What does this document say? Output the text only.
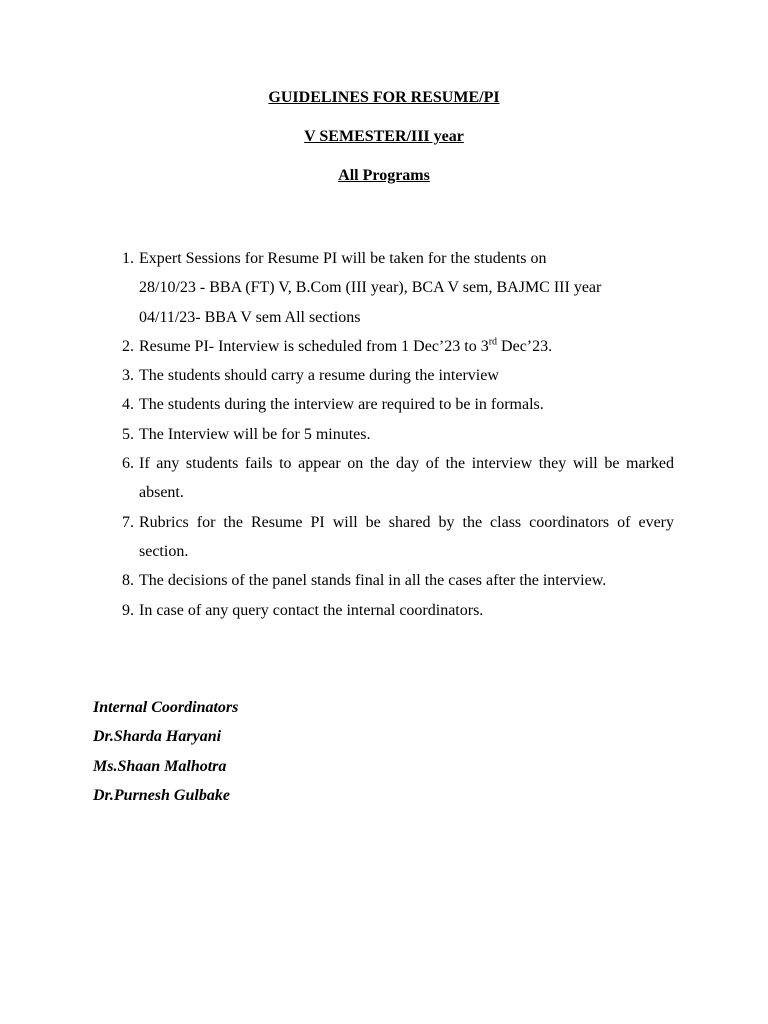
GUIDELINES FOR RESUME/PI
V SEMESTER/III year
All Programs
1. Expert Sessions for Resume PI will be taken for the students on
28/10/23 - BBA (FT) V, B.Com (III year), BCA V sem, BAJMC III year
04/11/23- BBA V sem All sections
2. Resume PI- Interview is scheduled from 1 Dec’23 to 3rd Dec’23.
3. The students should carry a resume during the interview
4. The students during the interview are required to be in formals.
5. The Interview will be for 5 minutes.
6. If any students fails to appear on the day of the interview they will be marked absent.
7. Rubrics for the Resume PI will be shared by the class coordinators of every section.
8. The decisions of the panel stands final in all the cases after the interview.
9. In case of any query contact the internal coordinators.
Internal Coordinators
Dr.Sharda Haryani
Ms.Shaan Malhotra
Dr.Purnesh Gulbake
